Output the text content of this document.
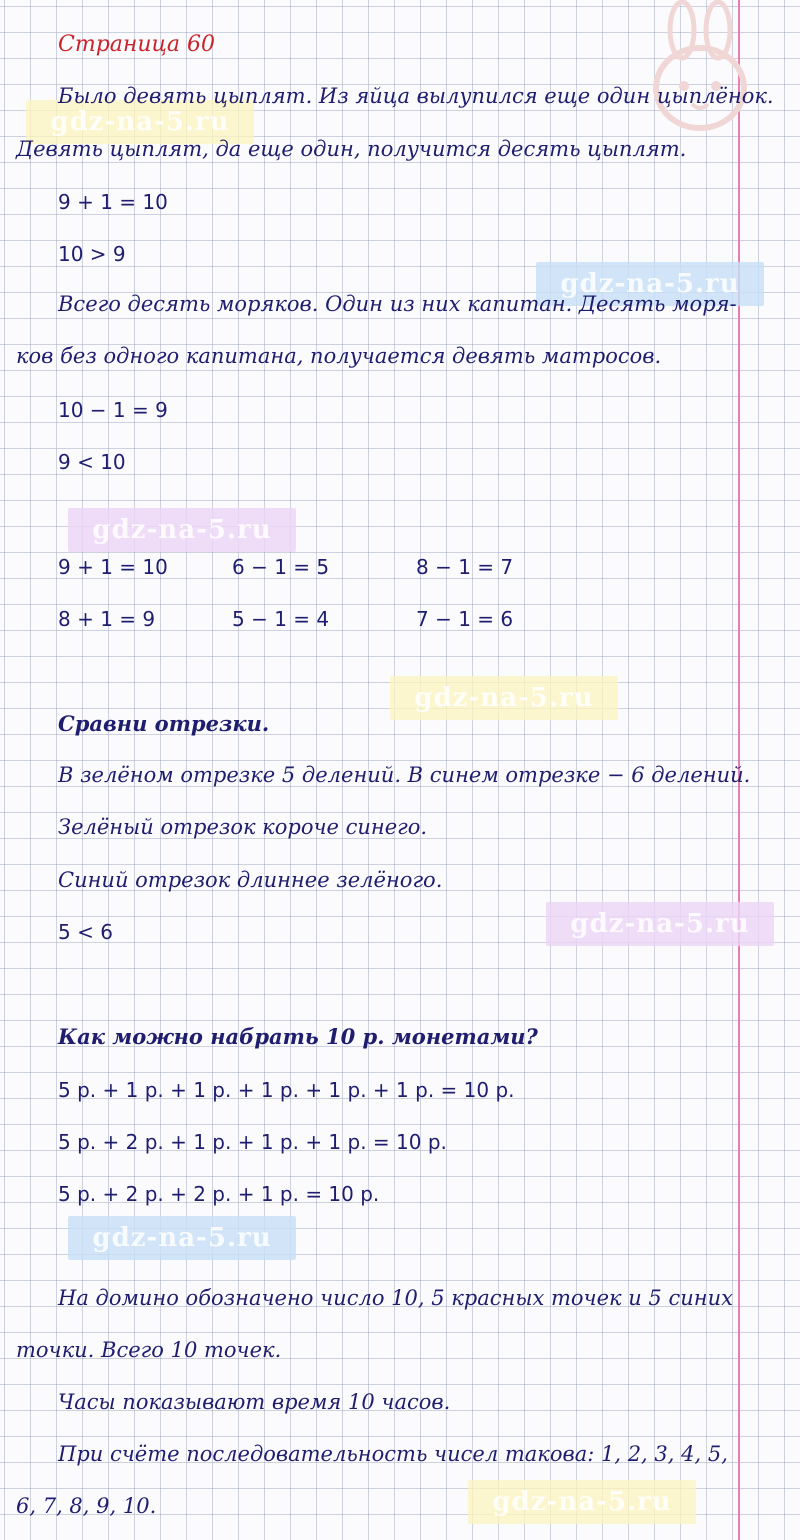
gdz-na-5.ru
gdz-na-5.ru
gdz-na-5.ru
gdz-na-5.ru
gdz-na-5.ru
gdz-na-5.ru
gdz-na-5.ru
Страница 60
Было девять цыплят. Из яйца вылупился еще один цыплёнок.
Девять цыплят, да еще один, получится десять цыплят.
9 + 1 = 10
10 > 9
Всего десять моряков. Один из них капитан. Десять моря-
ков без одного капитана, получается девять матросов.
10 − 1 = 9
9 < 10
9 + 1 = 10	6 − 1 = 5	8 − 1 = 7
8 + 1 = 9	5 − 1 = 4	7 − 1 = 6
Сравни отрезки.
В зелёном отрезке 5 делений. В синем отрезке − 6 делений.
Зелёный отрезок короче синего.
Синий отрезок длиннее зелёного.
5 < 6
Как можно набрать 10 р. монетами?
5 р. + 1 р. + 1 р. + 1 р. + 1 р. + 1 р. = 10 р.
5 р. + 2 р. + 1 р. + 1 р. + 1 р. = 10 р.
5 р. + 2 р. + 2 р. + 1 р. = 10 р.
На домино обозначено число 10, 5 красных точек и 5 синих
точки. Всего 10 точек.
Часы показывают время 10 часов.
При счёте последовательность чисел такова: 1, 2, 3, 4, 5,
6, 7, 8, 9, 10.
